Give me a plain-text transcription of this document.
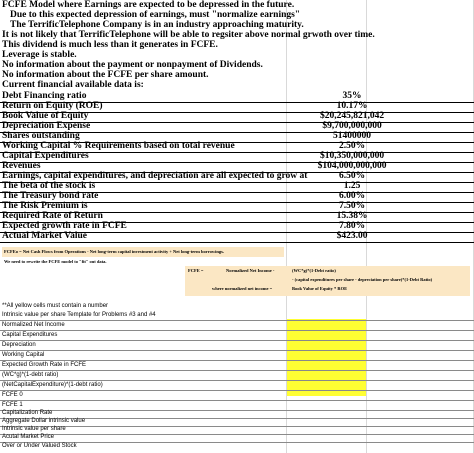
FCFE Model where Earnings are expected to be depressed in the future.
Due to this expected depression of earnings, must "normalize earnings"
The TerrificTelephone Company is in an industry approaching maturity.
It is not likely that TerrificTelephone will be able to regsiter above normal grwoth over time.
This dividend is much less than it generates in FCFE.
Leverage is stable.
No information about the payment or nonpayment of Dividends.
No information about the FCFE per share amount.
Current financial available data is:
Debt Financing ratio	35%
Return on Equity (ROE)	10.17%
Book Value of Equity	$20,245,821,042
Depreciation Expense	$9,700,000,000
Shares outstanding	51400000
Working Capital % Requirements based on total revenue	2.50%
Capital Expenditures	$10,350,000,000
Revenues	$104,000,000,000
Earnings, capital expenditures, and depreciation are all expected to grow at	6.50%
The beta of the stock is	1.25
The Treasury bond rate	6.00%
The Risk Premium is	7.50%
Required Rate of Return	15.38%
Expected growth rate in FCFE	7.80%
Actual Market Value	$423.00
FCFEo = Net Cash Flows from Operations - Net long-term capital investment activity + Net long-term borrowings.
We need to rewrite the FCFE model to "fit" out data.
FCFE =	Normalized Net Income -	(WC*g)*(1-Debt ratio)
- (capital expenditures per share - depreciation per share)*(1-Debt Ratio)
where normalized net income =	Book Value of Equity * ROE
**All yellow cells must contain a number
Intrinsic value per share Template for Problems #3 and #4
Normalized Net Income
Capital Expenditures
Depreciation
Working Capital
Expected Growth Rate in FCFE
(WC*g)*(1-debt ratio)
(NetCapitalExpenditure)*(1-debt ratio)
FCFE 0
FCFE 1
Capitalization Rate
Aggregate Dollar intrinsic value
Intrinsic value per share
Acutal Market Price
Over or Under Valued Stock
